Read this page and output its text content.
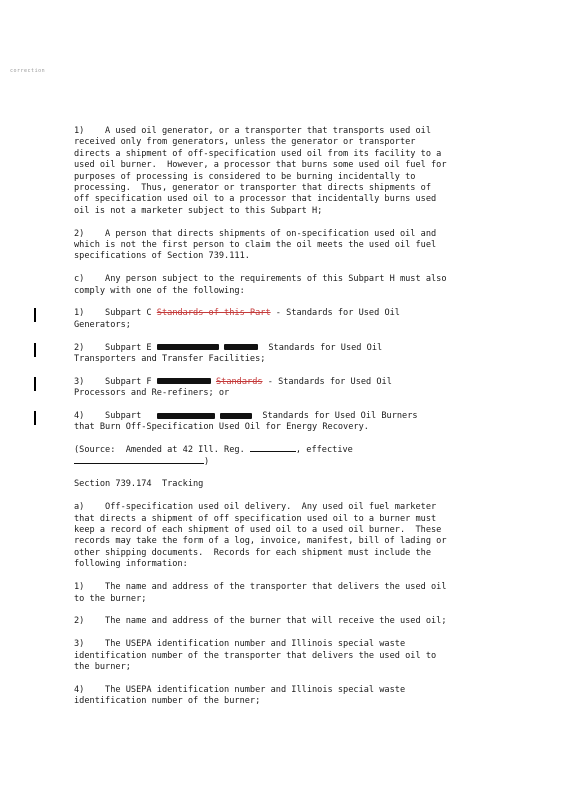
correction

1)    A used oil generator, or a transporter that transports used oil
received only from generators, unless the generator or transporter
directs a shipment of off-specification used oil from its facility to a
used oil burner.  However, a processor that burns some used oil fuel for
purposes of processing is considered to be burning incidentally to
processing.  Thus, generator or transporter that directs shipments of
off specification used oil to a processor that incidentally burns used
oil is not a marketer subject to this Subpart H;

2)    A person that directs shipments of on-specification used oil and
which is not the first person to claim the oil meets the used oil fuel
specifications of Section 739.111.

c)    Any person subject to the requirements of this Subpart H must also
comply with one of the following:

1)    Subpart C Standards of this Part - Standards for Used Oil
Generators;

2)    Subpart E	Standards for Used Oil
Transporters and Transfer Facilities;

3)    Subpart F	Standards - Standards for Used Oil
Processors and Re-refiners; or

4)    Subpart	Standards for Used Oil Burners
that Burn Off-Specification Used Oil for Energy Recovery.

(Source:  Amended at 42 Ill. Reg.	, effective
)

Section 739.174  Tracking

a)    Off-specification used oil delivery.  Any used oil fuel marketer
that directs a shipment of off specification used oil to a burner must
keep a record of each shipment of used oil to a used oil burner.  These
records may take the form of a log, invoice, manifest, bill of lading or
other shipping documents.  Records for each shipment must include the
following information:

1)    The name and address of the transporter that delivers the used oil
to the burner;

2)    The name and address of the burner that will receive the used oil;

3)    The USEPA identification number and Illinois special waste
identification number of the transporter that delivers the used oil to
the burner;

4)    The USEPA identification number and Illinois special waste
identification number of the burner;
